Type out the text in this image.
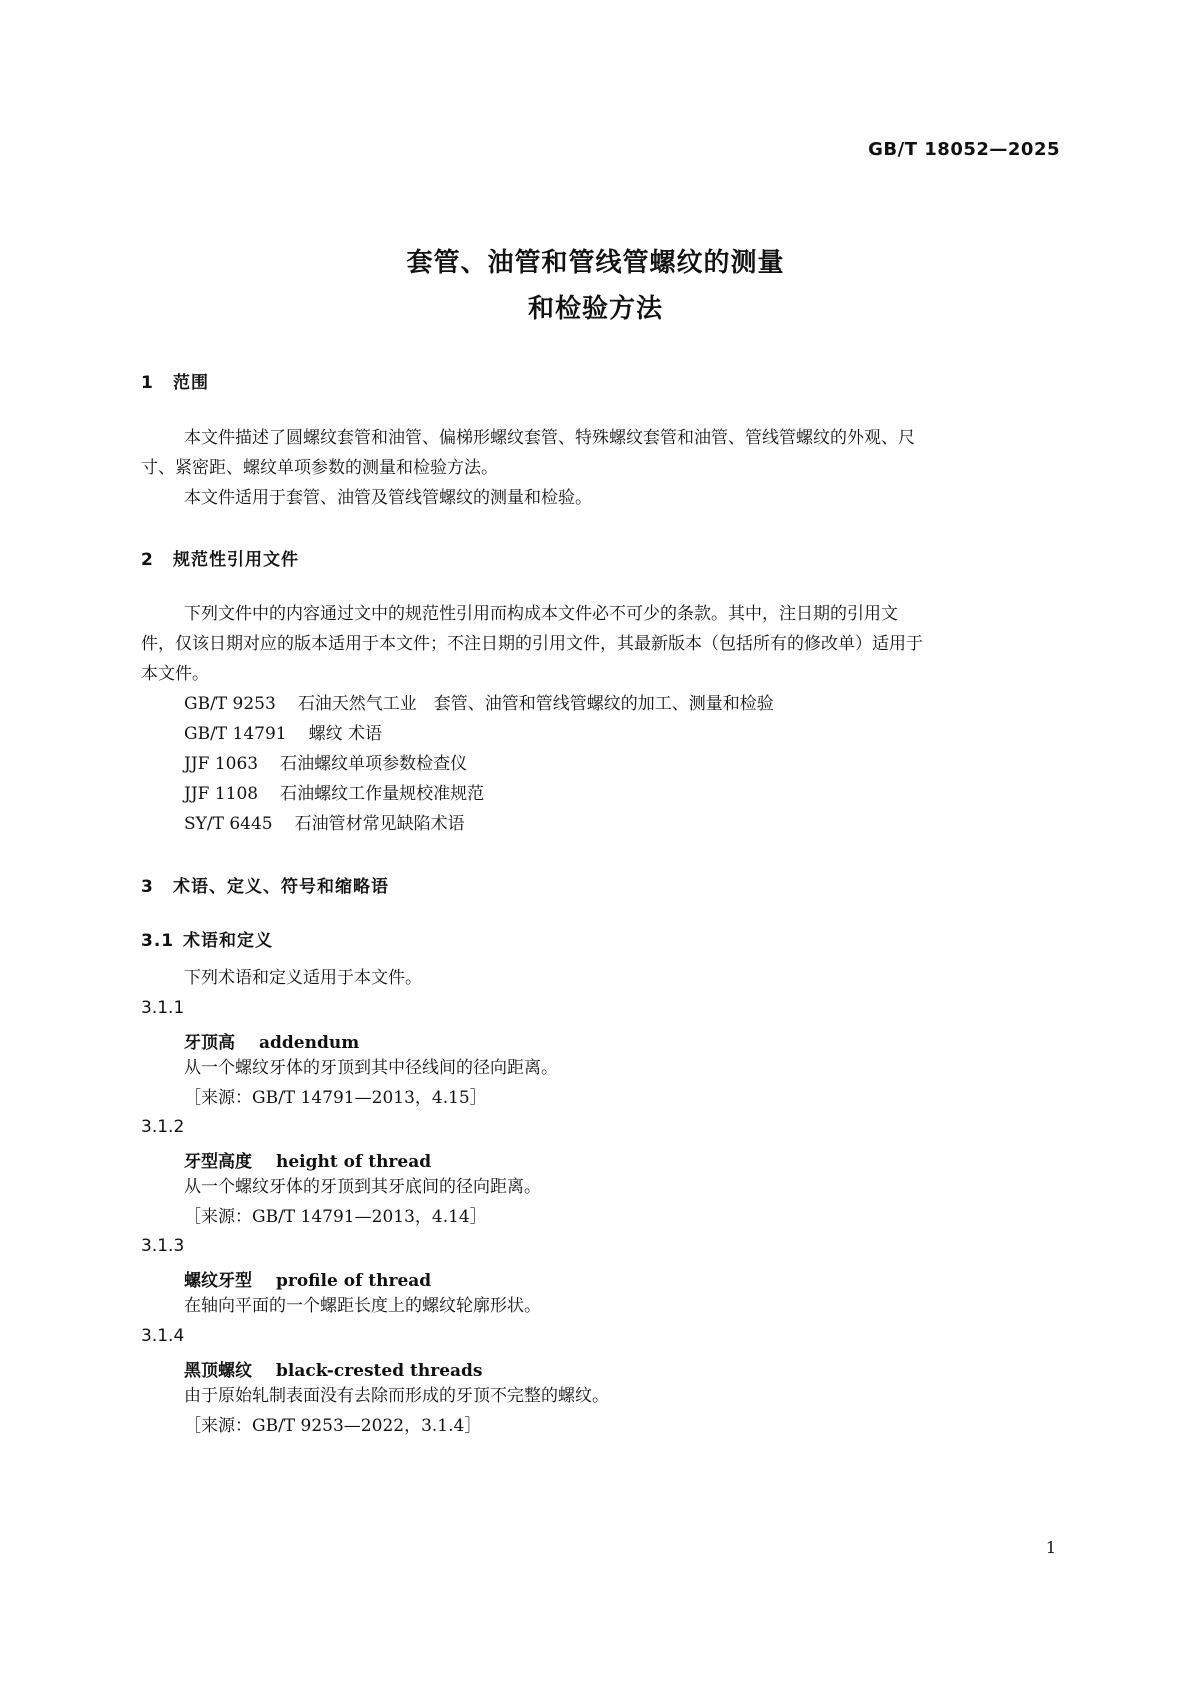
GB/T 18052—2025
套管、油管和管线管螺纹的测量
和检验方法
1 范围
本文件描述了圆螺纹套管和油管、偏梯形螺纹套管、特殊螺纹套管和油管、管线管螺纹的外观、尺
寸、紧密距、螺纹单项参数的测量和检验方法。
本文件适用于套管、油管及管线管螺纹的测量和检验。
2 规范性引用文件
下列文件中的内容通过文中的规范性引用而构成本文件必不可少的条款。其中，注日期的引用文
件，仅该日期对应的版本适用于本文件；不注日期的引用文件，其最新版本（包括所有的修改单）适用于
本文件。
GB/T 9253 石油天然气工业　套管、油管和管线管螺纹的加工、测量和检验
GB/T 14791 螺纹 术语
JJF 1063 石油螺纹单项参数检查仪
JJF 1108 石油螺纹工作量规校准规范
SY/T 6445 石油管材常见缺陷术语
3 术语、定义、符号和缩略语
3.1 术语和定义
下列术语和定义适用于本文件。
3.1.1
牙顶高 addendum
从一个螺纹牙体的牙顶到其中径线间的径向距离。
［来源：GB/T 14791—2013，4.15］
3.1.2
牙型高度 height of thread
从一个螺纹牙体的牙顶到其牙底间的径向距离。
［来源：GB/T 14791—2013，4.14］
3.1.3
螺纹牙型 profile of thread
在轴向平面的一个螺距长度上的螺纹轮廓形状。
3.1.4
黑顶螺纹 black-crested threads
由于原始轧制表面没有去除而形成的牙顶不完整的螺纹。
［来源：GB/T 9253—2022，3.1.4］
1
